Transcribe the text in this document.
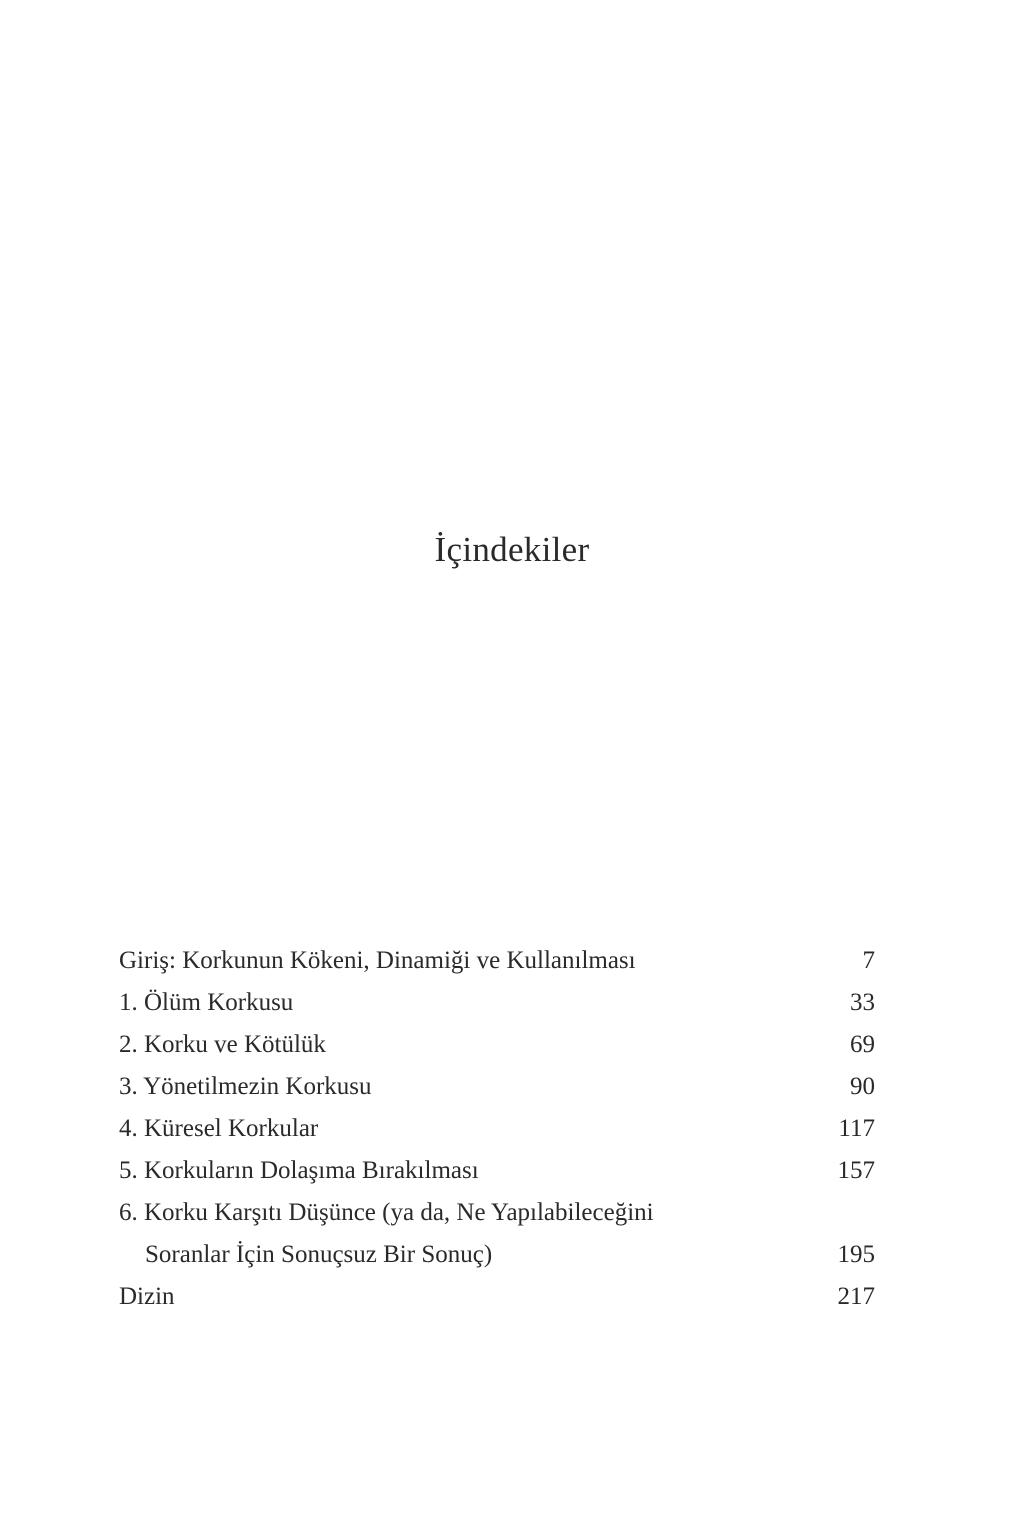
İçindekiler
Giriş: Korkunun Kökeni, Dinamiği ve Kullanılması	7
1. Ölüm Korkusu	33
2. Korku ve Kötülük	69
3. Yönetilmezin Korkusu	90
4. Küresel Korkular	117
5. Korkuların Dolaşıma Bırakılması	157
6. Korku Karşıtı Düşünce (ya da, Ne Yapılabileceğini
Soranlar İçin Sonuçsuz Bir Sonuç)	195
Dizin	217
